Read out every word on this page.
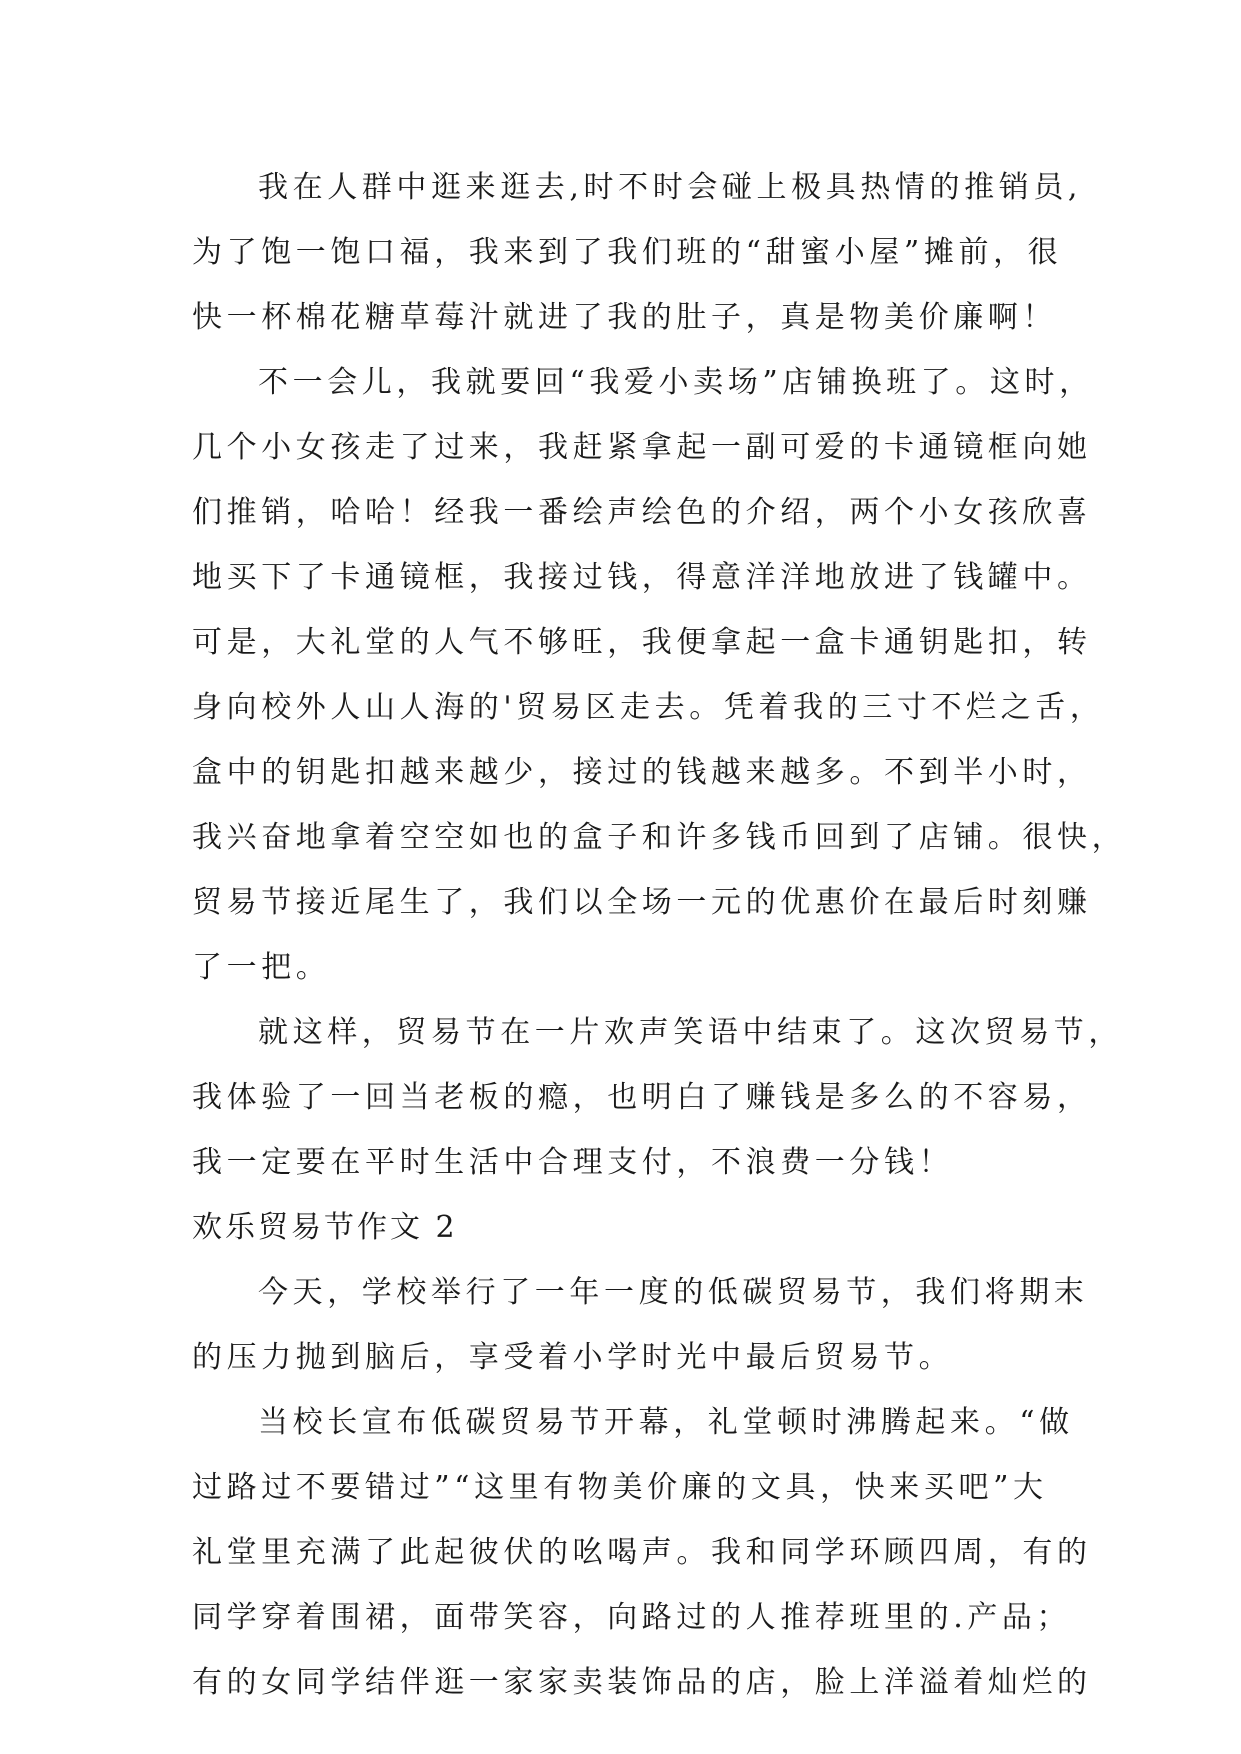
我在人群中逛来逛去,时不时会碰上极具热情的推销员,
为了饱一饱口福，我来到了我们班的“甜蜜小屋”摊前，很
快一杯棉花糖草莓汁就进了我的肚子，真是物美价廉啊！
不一会儿，我就要回“我爱小卖场”店铺换班了。这时，
几个小女孩走了过来，我赶紧拿起一副可爱的卡通镜框向她
们推销，哈哈！经我一番绘声绘色的介绍，两个小女孩欣喜
地买下了卡通镜框，我接过钱，得意洋洋地放进了钱罐中。
可是，大礼堂的人气不够旺，我便拿起一盒卡通钥匙扣，转
身向校外人山人海的'贸易区走去。凭着我的三寸不烂之舌，
盒中的钥匙扣越来越少，接过的钱越来越多。不到半小时，
我兴奋地拿着空空如也的盒子和许多钱币回到了店铺。很快，
贸易节接近尾生了，我们以全场一元的优惠价在最后时刻赚
了一把。
就这样，贸易节在一片欢声笑语中结束了。这次贸易节，
我体验了一回当老板的瘾，也明白了赚钱是多么的不容易，
我一定要在平时生活中合理支付，不浪费一分钱！
欢乐贸易节作文 2
今天，学校举行了一年一度的低碳贸易节，我们将期末
的压力抛到脑后，享受着小学时光中最后贸易节。
当校长宣布低碳贸易节开幕，礼堂顿时沸腾起来。“做
过路过不要错过”“这里有物美价廉的文具，快来买吧”大
礼堂里充满了此起彼伏的吆喝声。我和同学环顾四周，有的
同学穿着围裙，面带笑容，向路过的人推荐班里的.产品；
有的女同学结伴逛一家家卖装饰品的店，脸上洋溢着灿烂的
